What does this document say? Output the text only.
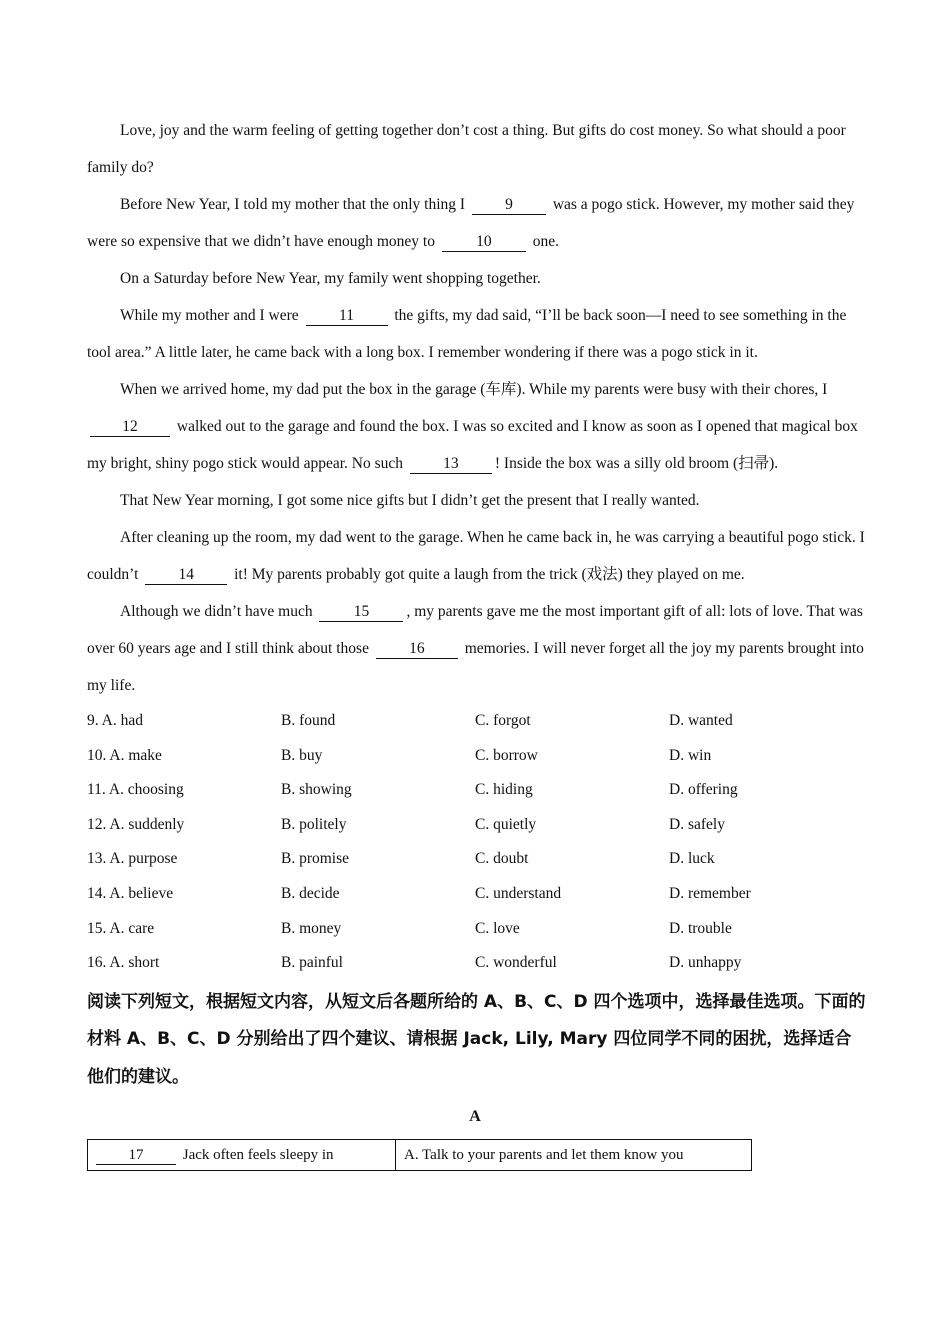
Love, joy and the warm feeling of getting together don’t cost a thing. But gifts do cost money. So what should a poor family do?

Before New Year, I told my mother that the only thing I	9	was a pogo stick. However, my mother said they were so expensive that we didn’t have enough money to	10	one.

On a Saturday before New Year, my family went shopping together.

While my mother and I were	11	the gifts, my dad said, “I’ll be back soon—I need to see something in the tool area.” A little later, he came back with a long box. I remember wondering if there was a pogo stick in it.

When we arrived home, my dad put the box in the garage (车库). While my parents were busy with their chores, I 12	walked out to the garage and found the box. I was so excited and I know as soon as I opened that magical box my bright, shiny pogo stick would appear. No such	13 ! Inside the box was a silly old broom (扫帚).

That New Year morning, I got some nice gifts but I didn’t get the present that I really wanted.

After cleaning up the room, my dad went to the garage. When he came back in, he was carrying a beautiful pogo stick. I couldn’t	14	it! My parents probably got quite a laugh from the trick (戏法) they played on me.

Although we didn’t have much	15 , my parents gave me the most important gift of all: lots of love. That was over 60 years age and I still think about those	16	memories. I will never forget all the joy my parents brought into my life.

9. A. had	B. found	C. forgot	D. wanted
10. A. make	B. buy	C. borrow	D. win
11. A. choosing	B. showing	C. hiding	D. offering
12. A. suddenly	B. politely	C. quietly	D. safely
13. A. purpose	B. promise	C. doubt	D. luck
14. A. believe	B. decide	C. understand	D. remember
15. A. care	B. money	C. love	D. trouble
16. A. short	B. painful	C. wonderful	D. unhappy

阅读下列短文，根据短文内容，从短文后各题所给的 A、B、C、D 四个选项中，选择最佳选项。下面的材料 A、B、C、D 分别给出了四个建议、请根据 Jack, Lily, Mary 四位同学不同的困扰，选择适合他们的建议。

A
17	Jack often feels sleepy in	A. Talk to your parents and let them know you
